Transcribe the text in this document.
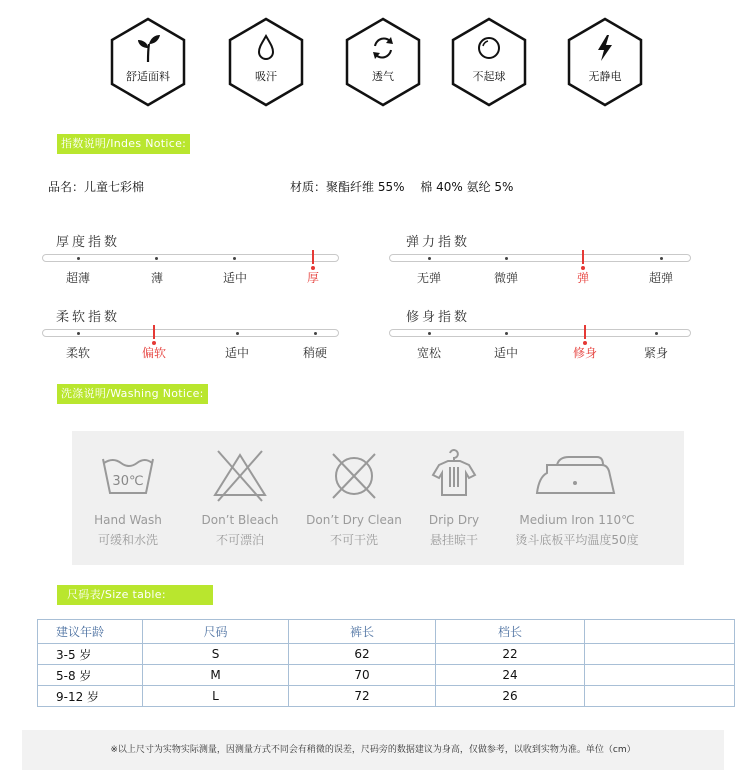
舒适面料	吸汗	透气	不起球	无静电
指数说明/Indes Notice:
品名：儿童七彩棉	材质：聚酯纤维 55%　 棉 40% 氨纶 5%
厚度指数
超薄	薄	适中	厚
弹力指数
无弹	微弹	弹	超弹
柔软指数
柔软	偏软	适中	稍硬
修身指数
宽松	适中	修身	紧身
洗涤说明/Washing Notice:
30℃
Hand Wash
可缓和水洗
Don’t Bleach
不可漂泊
Don’t Dry Clean
不可干洗
Drip Dry
悬挂晾干
Medium Iron 110℃
烫斗底板平均温度50度
尺码表/Size table:
建议年龄	尺码	裤长	档长	
3-5 岁	S	62	22	
5-8 岁	M	70	24	
9-12 岁	L	72	26	
※以上尺寸为实物实际测量，因测量方式不同会有稍微的误差，尺码旁的数据建议为身高，仅做参考，以收到实物为准。单位（cm）
